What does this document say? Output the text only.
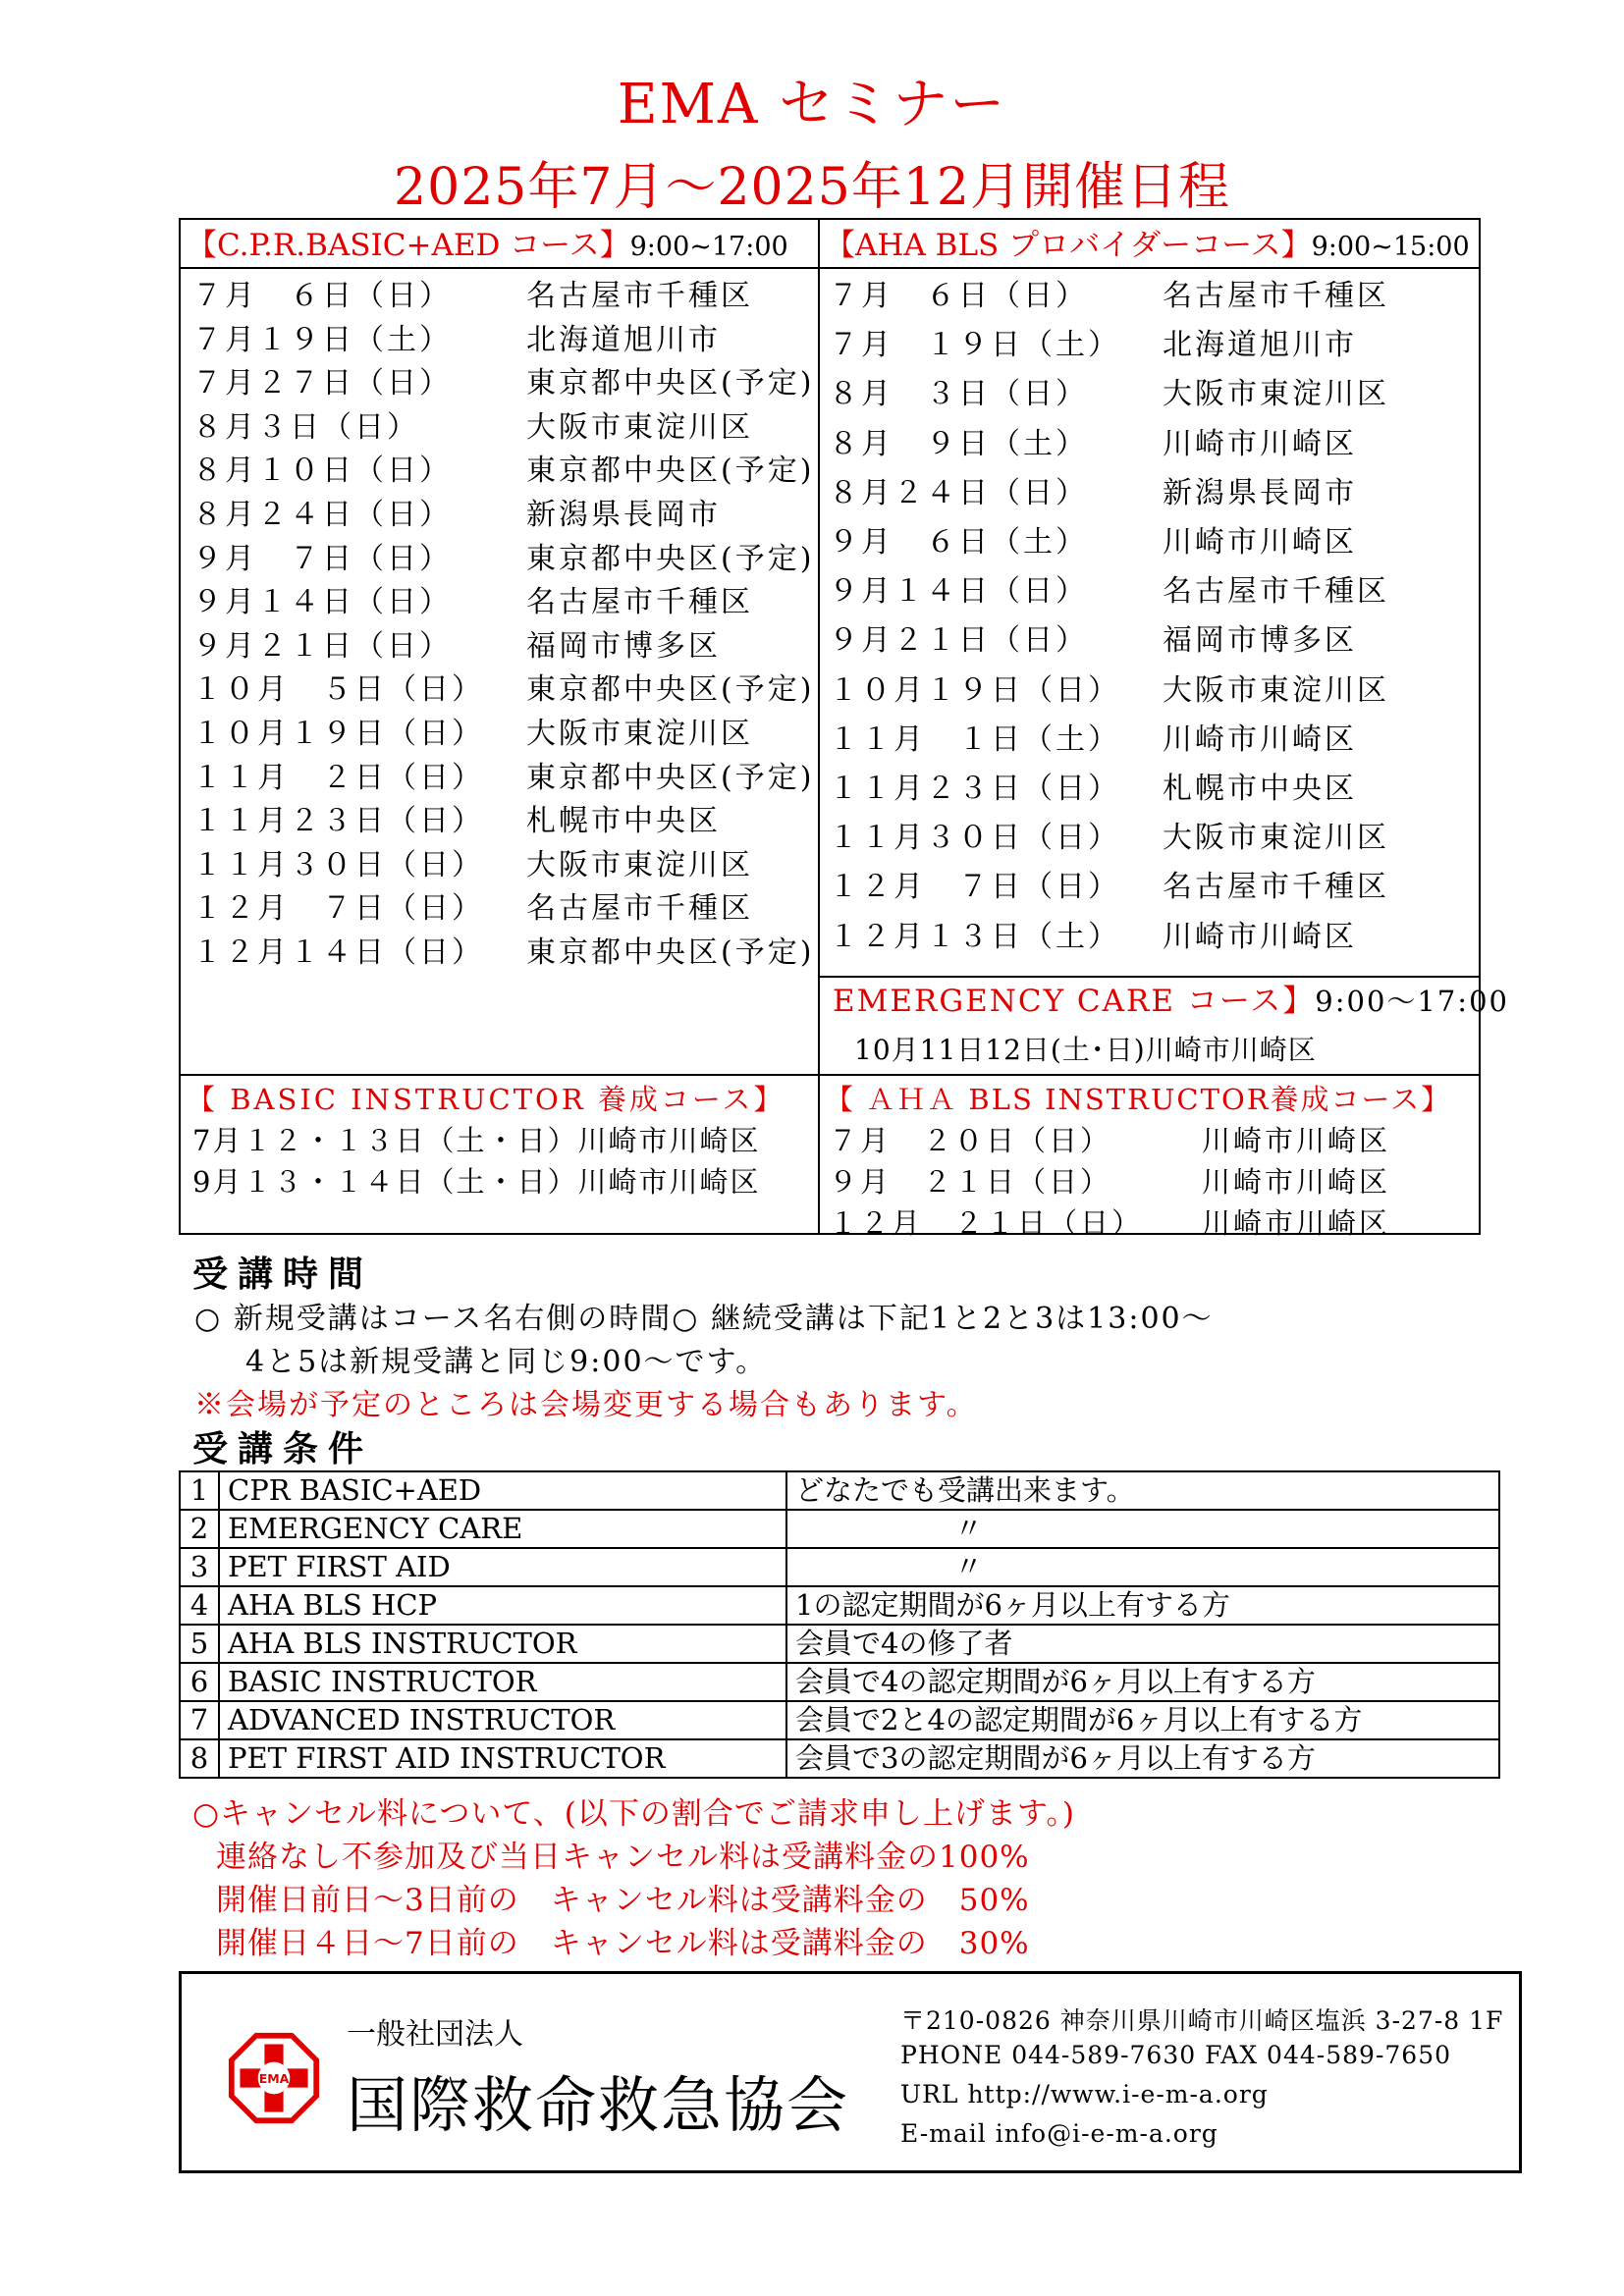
EMA セミナー
2025年7月～2025年12月開催日程
【C.P.R.BASIC+AED コース】9:00~17:00 【AHA BLS プロバイダーコース】9:00~15:00
７月　６日（日）	名古屋市千種区
７月１９日（土）	北海道旭川市
７月２７日（日）	東京都中央区(予定)
８月３日（日）	大阪市東淀川区
８月１０日（日）	東京都中央区(予定)
８月２４日（日）	新潟県長岡市
９月　７日（日）	東京都中央区(予定)
９月１４日（日）	名古屋市千種区
９月２１日（日）	福岡市博多区
１０月　５日（日） 東京都中央区(予定)
１０月１９日（日） 大阪市東淀川区
１１月　２日（日） 東京都中央区(予定)
１１月２３日（日） 札幌市中央区
１１月３０日（日） 大阪市東淀川区
１２月　７日（日） 名古屋市千種区
１２月１４日（日） 東京都中央区(予定)
７月　６日（日）	名古屋市千種区
７月　１９日（土） 北海道旭川市
８月　３日（日）	大阪市東淀川区
８月　９日（土）	川崎市川崎区
８月２４日（日）	新潟県長岡市
９月　６日（土）	川崎市川崎区
９月１４日（日）	名古屋市千種区
９月２１日（日）	福岡市博多区
１０月１９日（日） 大阪市東淀川区
１１月　１日（土） 川崎市川崎区
１１月２３日（日） 札幌市中央区
１１月３０日（日） 大阪市東淀川区
１２月　７日（日） 名古屋市千種区
１２月１３日（土） 川崎市川崎区
EMERGENCY CARE コース】9:00～17:00
10月11日12日(土･日)川崎市川崎区
【 BASIC INSTRUCTOR 養成コース】
7月１２・１３日（土・日）川崎市川崎区
9月１３・１４日（土・日）川崎市川崎区
【 ＡＨＡ BLS INSTRUCTOR養成コース】
７月　２０日（日）	川崎市川崎区
９月　２１日（日）	川崎市川崎区
１２月　２１日（日） 川崎市川崎区
受講時間
○ 新規受講はコース名右側の時間○ 継続受講は下記1と2と3は13:00～
4と5は新規受講と同じ9:00～です。
※会場が予定のところは会場変更する場合もあります。
受講条件
1	CPR BASIC+AED	どなたでも受講出来ます。
2	EMERGENCY CARE	〃
3	PET FIRST AID	〃
4	AHA BLS HCP	1の認定期間が6ヶ月以上有する方
5	AHA BLS INSTRUCTOR	会員で4の修了者
6	BASIC INSTRUCTOR	会員で4の認定期間が6ヶ月以上有する方
7	ADVANCED INSTRUCTOR	会員で2と4の認定期間が6ヶ月以上有する方
8	PET FIRST AID INSTRUCTOR	会員で3の認定期間が6ヶ月以上有する方
○キャンセル料について、(以下の割合でご請求申し上げます。)
連絡なし不参加及び当日キャンセル料は受講料金の100%
開催日前日～3日前の　キャンセル料は受講料金の　50%
開催日４日～7日前の　キャンセル料は受講料金の　30%
EMA
一般社団法人
国際救命救急協会
〒210-0826 神奈川県川崎市川崎区塩浜 3-27-8 1F
PHONE 044-589-7630 FAX 044-589-7650
URL http://www.i-e-m-a.org
E-mail info@i-e-m-a.org
